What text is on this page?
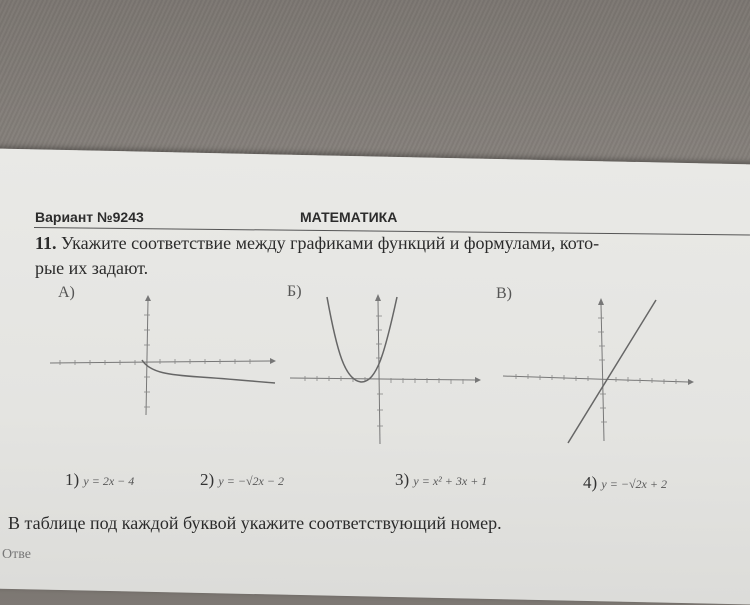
Вариант №9243	МАТЕМАТИКА
11. Укажите соответствие между графиками функций и формулами, кото-
рые их задают.
А)	Б)	В)
1) y = 2x − 4	2) y = −√2x − 2	3) y = x² + 3x + 1	4) y = −√2x + 2
В таблице под каждой буквой укажите соответствующий номер.
Отве
